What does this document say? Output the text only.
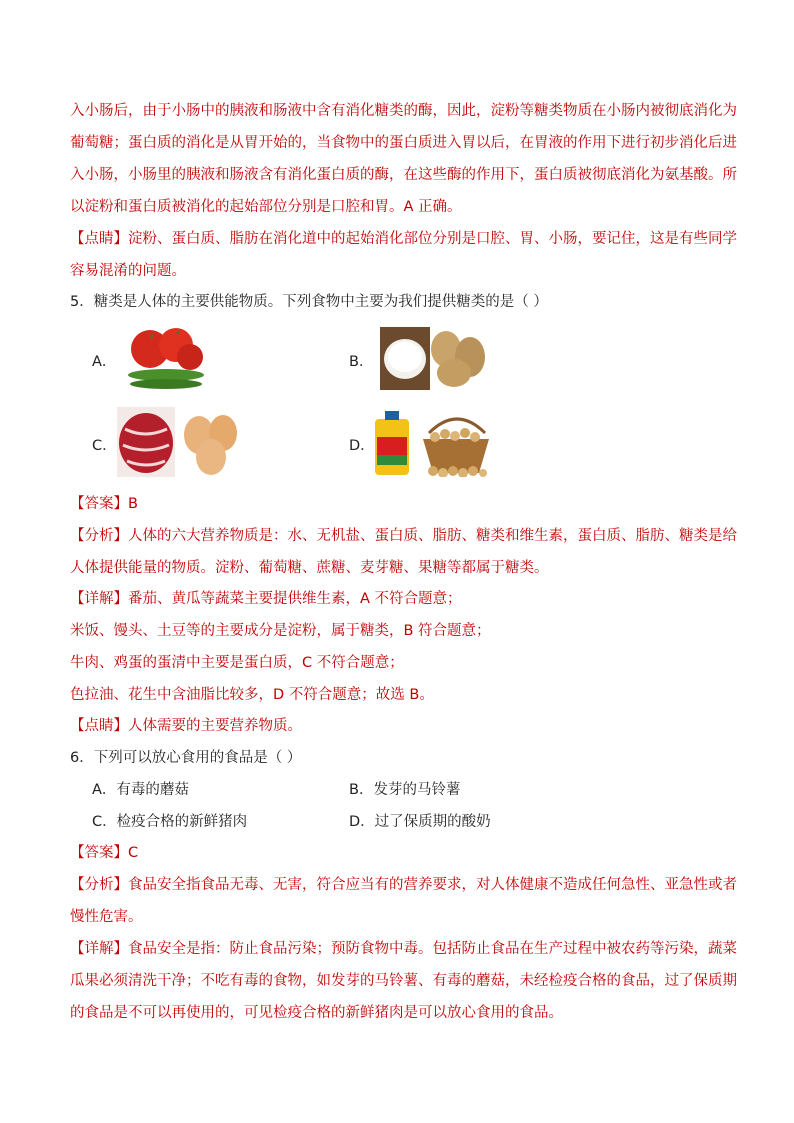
入小肠后，由于小肠中的胰液和肠液中含有消化糖类的酶，因此，淀粉等糖类物质在小肠内被彻底消化为
葡萄糖；蛋白质的消化是从胃开始的，当食物中的蛋白质进入胃以后，在胃液的作用下进行初步消化后进
入小肠，小肠里的胰液和肠液含有消化蛋白质的酶，在这些酶的作用下，蛋白质被彻底消化为氨基酸。所
以淀粉和蛋白质被消化的起始部位分别是口腔和胃。A 正确。
【点睛】淀粉、蛋白质、脂肪在消化道中的起始消化部位分别是口腔、胃、小肠，要记住，这是有些同学
容易混淆的问题。
5．糖类是人体的主要供能物质。下列食物中主要为我们提供糖类的是（ ）
A．	B．
C．	D．
【答案】B
【分析】人体的六大营养物质是：水、无机盐、蛋白质、脂肪、糖类和维生素，蛋白质、脂肪、糖类是给
人体提供能量的物质。淀粉、葡萄糖、蔗糖、麦芽糖、果糖等都属于糖类。
【详解】番茄、黄瓜等蔬菜主要提供维生素，A 不符合题意；
米饭、馒头、土豆等的主要成分是淀粉，属于糖类，B 符合题意；
牛肉、鸡蛋的蛋清中主要是蛋白质，C 不符合题意；
色拉油、花生中含油脂比较多，D 不符合题意；故选 B。
【点睛】人体需要的主要营养物质。
6．下列可以放心食用的食品是（ ）
A．有毒的蘑菇	B．发芽的马铃薯
C．检疫合格的新鲜猪肉	D．过了保质期的酸奶
【答案】C
【分析】食品安全指食品无毒、无害，符合应当有的营养要求，对人体健康不造成任何急性、亚急性或者
慢性危害。
【详解】食品安全是指：防止食品污染；预防食物中毒。包括防止食品在生产过程中被农药等污染，蔬菜
瓜果必须清洗干净；不吃有毒的食物，如发芽的马铃薯、有毒的蘑菇，未经检疫合格的食品，过了保质期
的食品是不可以再使用的，可见检疫合格的新鲜猪肉是可以放心食用的食品。
